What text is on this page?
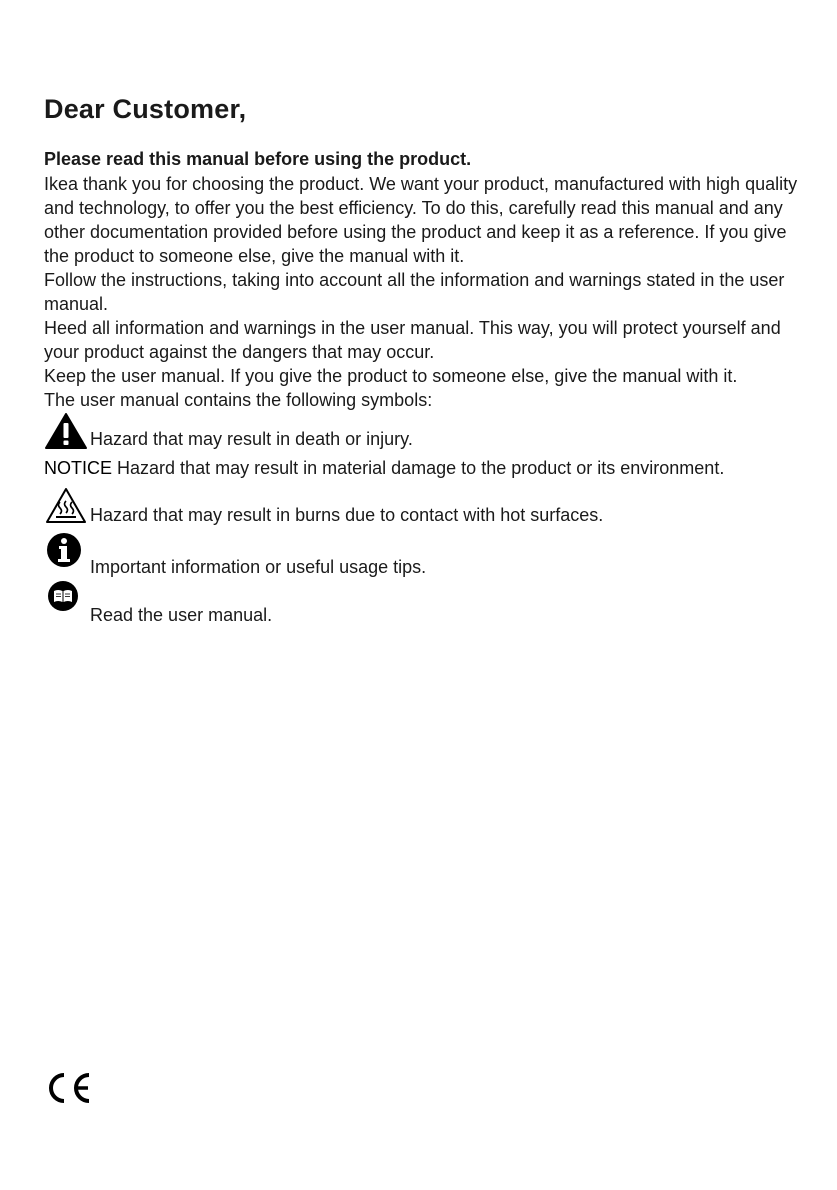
Dear Customer,
Please read this manual before using the product.

Ikea thank you for choosing the product. We want your product, manufactured with high quality and technology, to offer you the best efficiency. To do this, carefully read this manual and any other documentation provided before using the product and keep it as a reference. If you give the product to someone else, give the manual with it.

Follow the instructions, taking into account all the information and warnings stated in the user manual.

Heed all information and warnings in the user manual. This way, you will protect yourself and your product against the dangers that may occur.

Keep the user manual. If you give the product to someone else, give the manual with it.

The user manual contains the following symbols:

Hazard that may result in death or injury.
NOTICE Hazard that may result in material damage to the product or its environment.
Hazard that may result in burns due to contact with hot surfaces.
Important information or useful usage tips.
Read the user manual.
